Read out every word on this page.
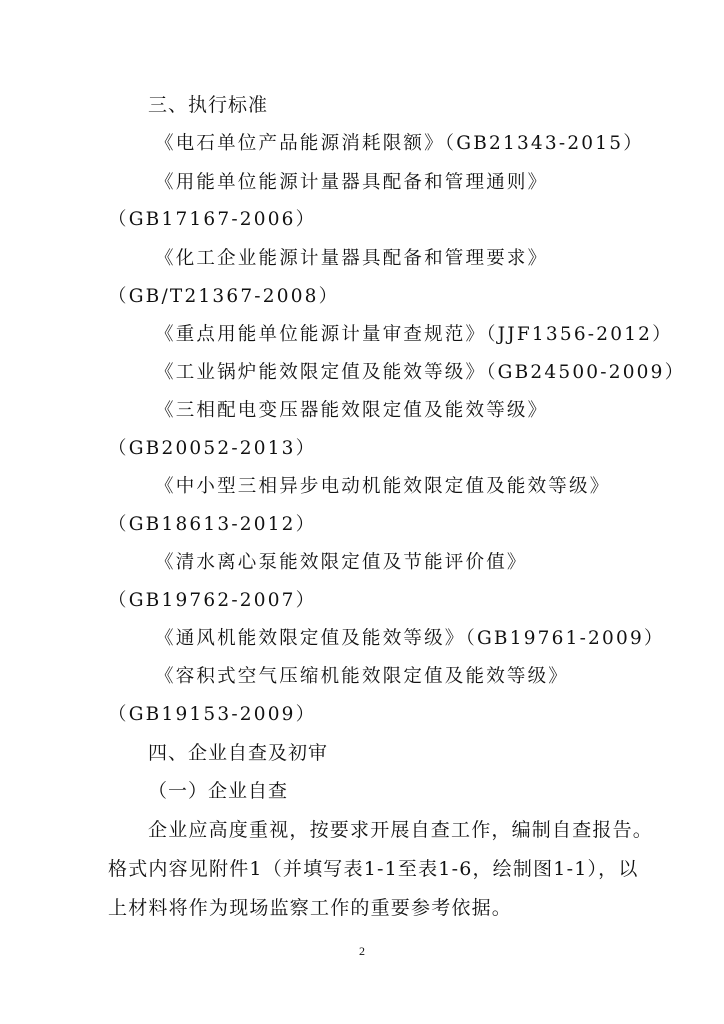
三、执行标准
《电石单位产品能源消耗限额》（GB21343-2015）
《用能单位能源计量器具配备和管理通则》
（GB17167-2006）
《化工企业能源计量器具配备和管理要求》
（GB/T21367-2008）
《重点用能单位能源计量审查规范》（JJF1356-2012）
《工业锅炉能效限定值及能效等级》（GB24500-2009）
《三相配电变压器能效限定值及能效等级》
（GB20052-2013）
《中小型三相异步电动机能效限定值及能效等级》
（GB18613-2012）
《清水离心泵能效限定值及节能评价值》
（GB19762-2007）
《通风机能效限定值及能效等级》（GB19761-2009）
《容积式空气压缩机能效限定值及能效等级》
（GB19153-2009）
四、企业自查及初审
（一）企业自查
企业应高度重视，按要求开展自查工作，编制自查报告。
格式内容见附件1（并填写表1-1至表1-6，绘制图1-1），以
上材料将作为现场监察工作的重要参考依据。
2
